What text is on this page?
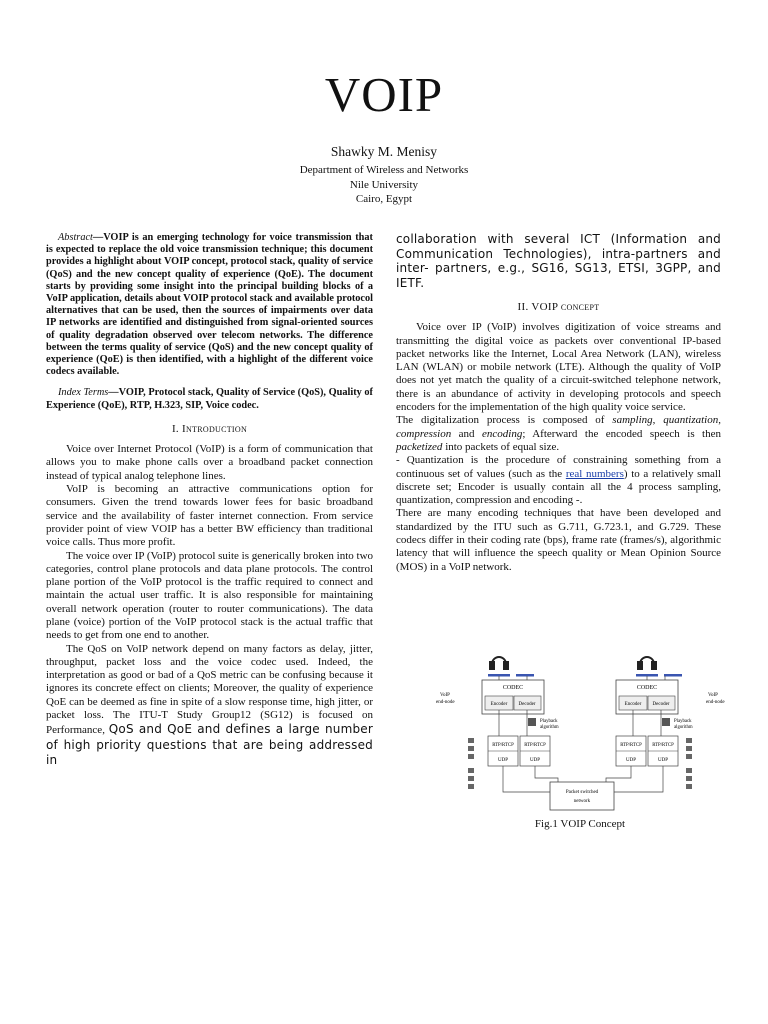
VOIP
Shawky M. Menisy
Department of Wireless and Networks
Nile University
Cairo, Egypt

Abstract—VOIP is an emerging technology for voice transmission that is expected to replace the old voice transmission technique; this document provides a highlight about VOIP concept, protocol stack, quality of service (QoS) and the new concept quality of experience (QoE). The document starts by providing some insight into the principal building blocks of a VoIP application, details about VOIP protocol stack and available protocol alternatives that can be used, then the sources of impairments over data IP networks are identified and distinguished from signal-oriented sources of quality degradation observed over telecom networks. The difference between the terms quality of service (QoS) and the new concept quality of experience (QoE) is then identified, with a highlight of the different voice codecs available.

Index Terms—VOIP, Protocol stack, Quality of Service (QoS), Quality of Experience (QoE), RTP, H.323, SIP, Voice codec.

I. Introduction

Voice over Internet Protocol (VoIP) is a form of communication that allows you to make phone calls over a broadband packet connection instead of typical analog telephone lines.

VoIP is becoming an attractive communications option for consumers. Given the trend towards lower fees for basic broadband service and the availability of faster internet connection. From service provider point of view VOIP has a better BW efficiency than traditional voice calls. Thus more profit.

The voice over IP (VoIP) protocol suite is generically broken into two categories, control plane protocols and data plane protocols. The control plane portion of the VoIP protocol is the traffic required to connect and maintain the actual user traffic. It is also responsible for maintaining overall network operation (router to router communications). The data plane (voice) portion of the VoIP protocol stack is the actual traffic that needs to get from one end to another.

The QoS on VoIP network depend on many factors as delay, jitter, throughput, packet loss and the voice codec used. Indeed, the interpretation as good or bad of a QoS metric can be confusing because it ignores its concrete effect on clients; Moreover, the quality of experience QoE can be deemed as fine in spite of a slow response time, high jitter, or packet loss. The ITU-T Study Group12 (SG12) is focused on Performance, QoS and QoE and defines a large number of high priority questions that are being addressed in

collaboration with several ICT (Information and Communication Technologies), intra-partners and inter- partners, e.g., SG16, SG13, ETSI, 3GPP, and IETF.

II. VOIP concept

Voice over IP (VoIP) involves digitization of voice streams and transmitting the digital voice as packets over conventional IP-based packet networks like the Internet, Local Area Network (LAN), wireless LAN (WLAN) or mobile network (LTE). Although the quality of VoIP does not yet match the quality of a circuit-switched telephone network, there is an abundance of activity in developing protocols and speech encoders for the implementation of the high quality voice service.

The digitalization process is composed of sampling, quantization, compression and encoding; Afterward the encoded speech is then packetized into packets of equal size.

- Quantization is the procedure of constraining something from a continuous set of values (such as the real numbers) to a relatively small discrete set; Encoder is usually contain all the 4 process sampling, quantization, compression and encoding -.

There are many encoding techniques that have been developed and standardized by the ITU such as G.711, G.723.1, and G.729. These codecs differ in their coding rate (bps), frame rate (frames/s), algorithmic latency that will influence the speech quality or Mean Opinion Source (MOS) in a VoIP network.

CODEC
Encoder Decoder
CODEC
Encoder Decoder
VoIP
end-node
VoIP
end-node
Playback
algorithm
Playback
algorithm
RTP/RTCP
UDP
RTP/RTCP
UDP
RTP/RTCP
UDP
RTP/RTCP
UDP
Packet switched
network
Fig.1 VOIP Concept
